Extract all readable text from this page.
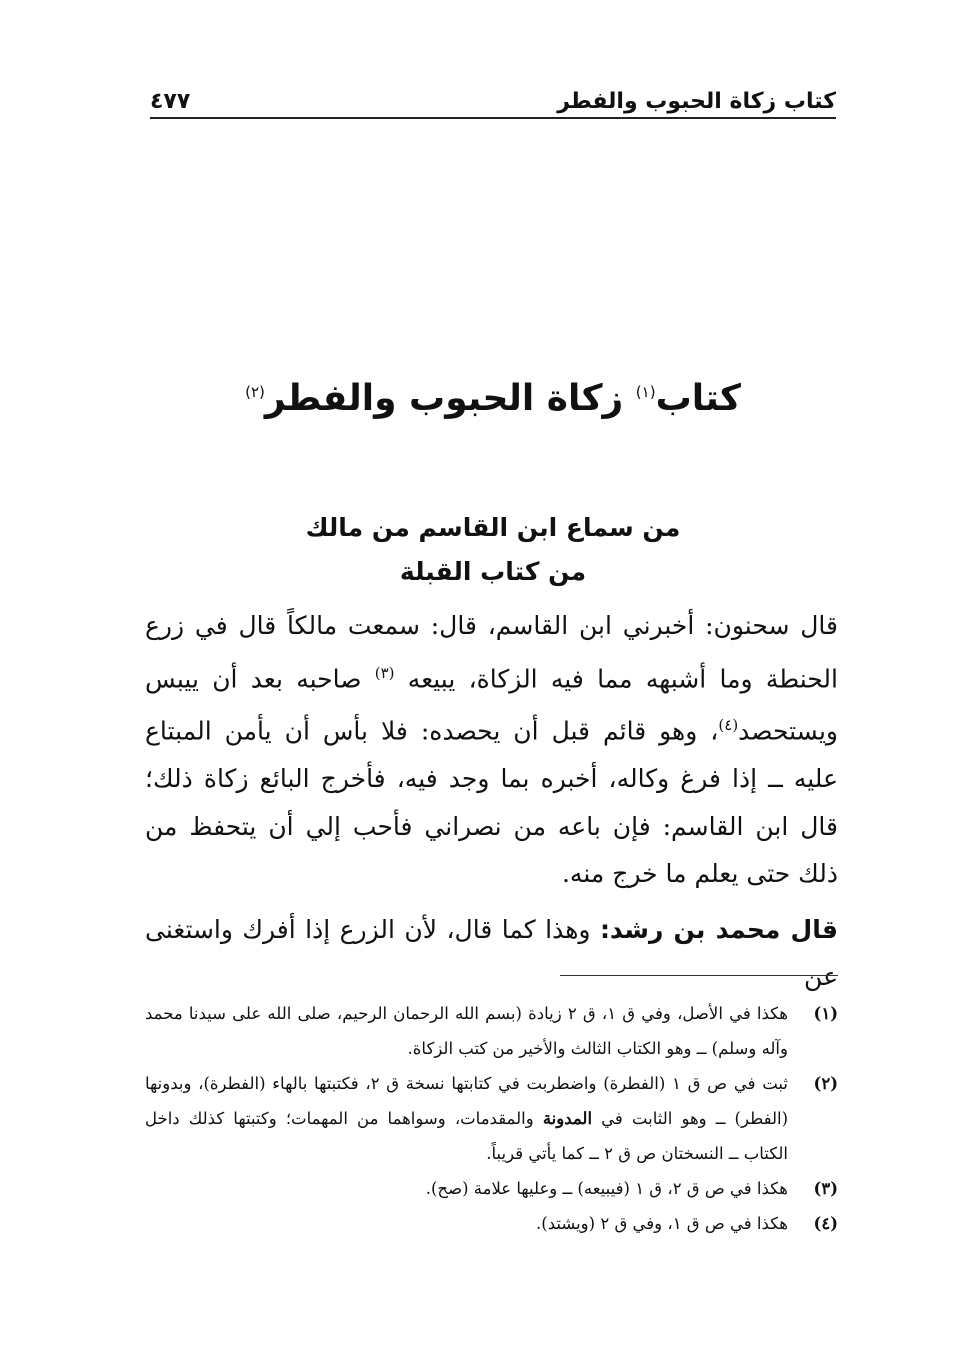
كتاب زكاة الحبوب والفطر
٤٧٧
كتاب$^{(١)}$ زكاة الحبوب والفطر$^{(٢)}$
من سماع ابن القاسم من مالك
من كتاب القبلة

قال سحنون: أخبرني ابن القاسم، قال: سمعت مالكاً قال في زرع الحنطة وما أشبهه مما فيه الزكاة، يبيعه $^{(٣)}$ صاحبه بعد أن ييبس ويستحصد$^{(٤)}$، وهو قائم قبل أن يحصده: فلا بأس أن يأمن المبتاع عليه ــ إذا فرغ وكاله، أخبره بما وجد فيه، فأخرج البائع زكاة ذلك؛ قال ابن القاسم: فإن باعه من نصراني فأحب إلي أن يتحفظ من ذلك حتى يعلم ما خرج منه.

قال محمد بن رشد: وهذا كما قال، لأن الزرع إذا أفرك واستغنى عن

(١)
هكذا في الأصل، وفي ق ١، ق ٢ زيادة (بسم الله الرحمان الرحيم، صلى الله على سيدنا محمد وآله وسلم) ــ وهو الكتاب الثالث والأخير من كتب الزكاة.
(٢)
ثبت في ص ق ١ (الفطرة) واضطربت في كتابتها نسخة ق ٢، فكتبتها بالهاء (الفطرة)، وبدونها (الفطر) ــ وهو الثابت في المدونة والمقدمات، وسواهما من المهمات؛ وكتبتها كذلك داخل الكتاب ــ النسختان ص ق ٢ ــ كما يأتي قريباً.
(٣)
هكذا في ص ق ٢، ق ١ (فيبيعه) ــ وعليها علامة (صح).
(٤)
هكذا في ص ق ١، وفي ق ٢ (ويشتد).
